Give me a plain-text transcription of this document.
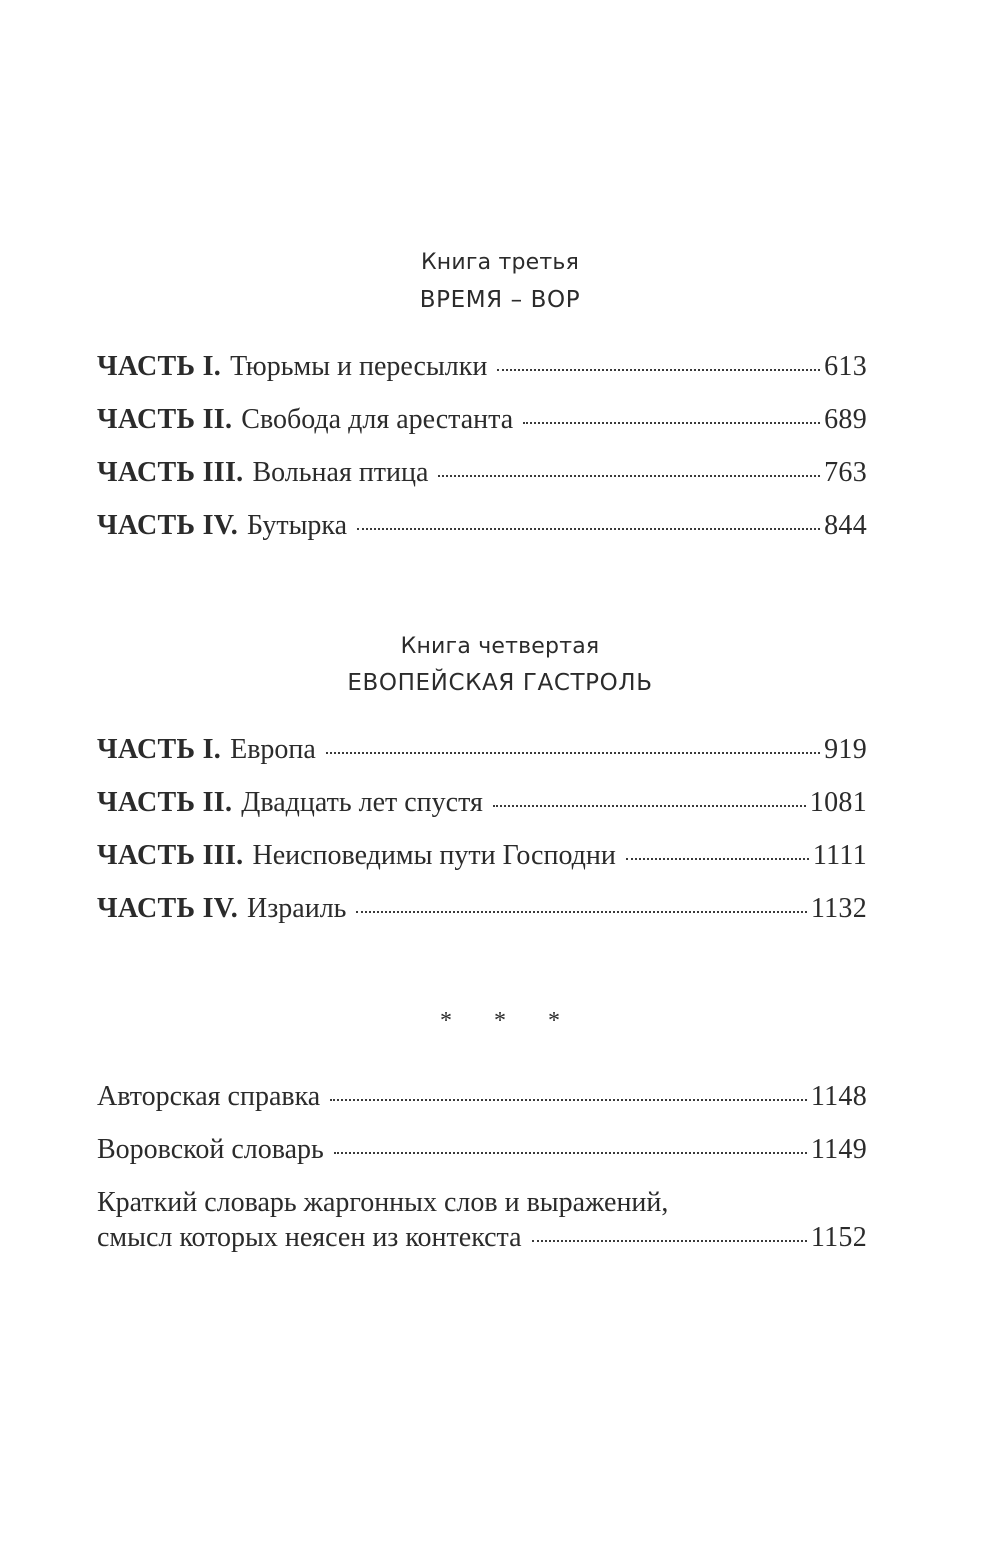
Книга третья
ВРЕМЯ – ВОР
ЧАСТЬ I. Тюрьмы и пересылки	613
ЧАСТЬ II. Свобода для арестанта	689
ЧАСТЬ III. Вольная птица	763
ЧАСТЬ IV. Бутырка	844
Книга четвертая
ЕВОПЕЙСКАЯ ГАСТРОЛЬ
ЧАСТЬ I. Европа	919
ЧАСТЬ II. Двадцать лет спустя	1081
ЧАСТЬ III. Неисповедимы пути Господни	1111
ЧАСТЬ IV. Израиль	1132
* * *
Авторская справка	1148
Воровской словарь	1149
Краткий словарь жаргонных слов и выражений,
смысл которых неясен из контекста	1152
